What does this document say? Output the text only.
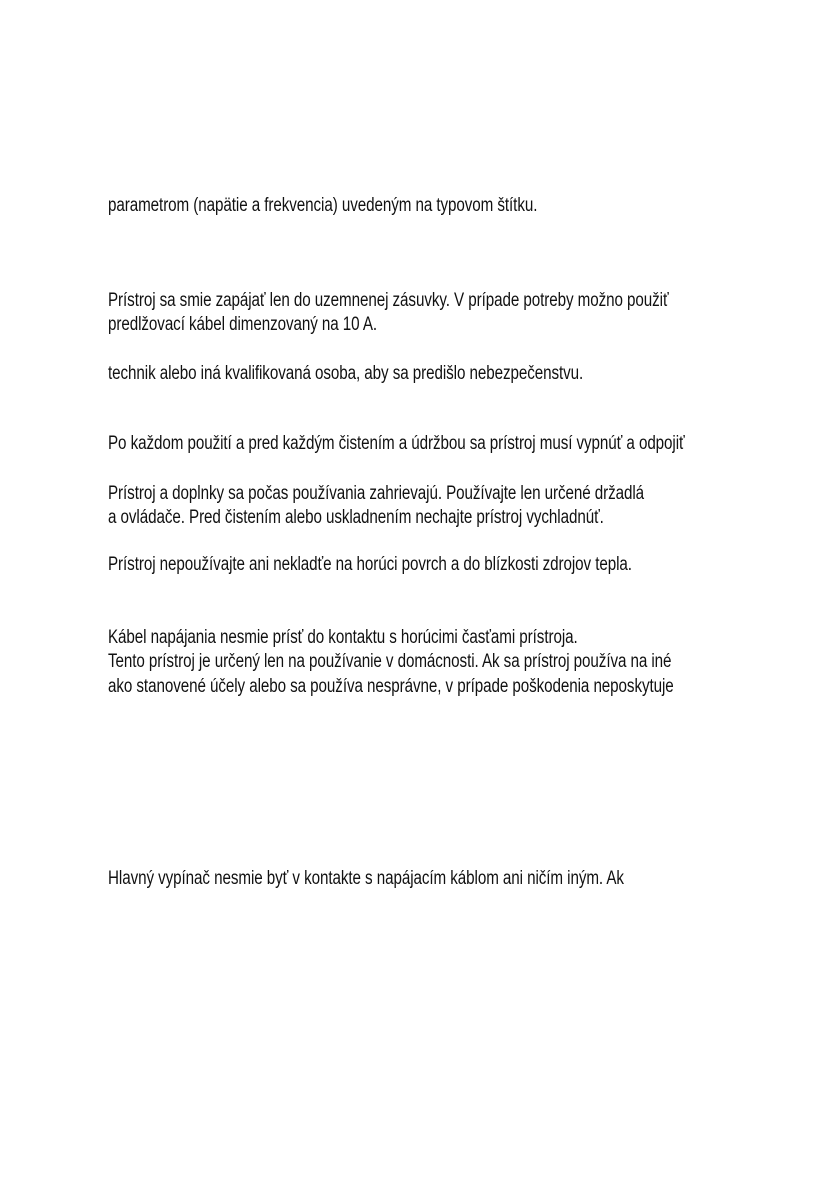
parametrom (napätie a frekvencia) uvedeným na typovom štítku.

Prístroj sa smie zapájať len do uzemnenej zásuvky. V prípade potreby možno použiť

predlžovací kábel dimenzovaný na 10 A.

technik alebo iná kvalifikovaná osoba, aby sa predišlo nebezpečenstvu.

Po každom použití a pred každým čistením a údržbou sa prístroj musí vypnúť a odpojiť

Prístroj a doplnky sa počas používania zahrievajú. Používajte len určené držadlá

a ovládače. Pred čistením alebo uskladnením nechajte prístroj vychladnúť.

Prístroj nepoužívajte ani nekladťe na horúci povrch a do blízkosti zdrojov tepla.

Kábel napájania nesmie prísť do kontaktu s horúcimi časťami prístroja.

Tento prístroj je určený len na používanie v domácnosti. Ak sa prístroj používa na iné

ako stanovené účely alebo sa používa nesprávne, v prípade poškodenia neposkytuje

Hlavný vypínač nesmie byť v kontakte s napájacím káblom ani ničím iným. Ak
